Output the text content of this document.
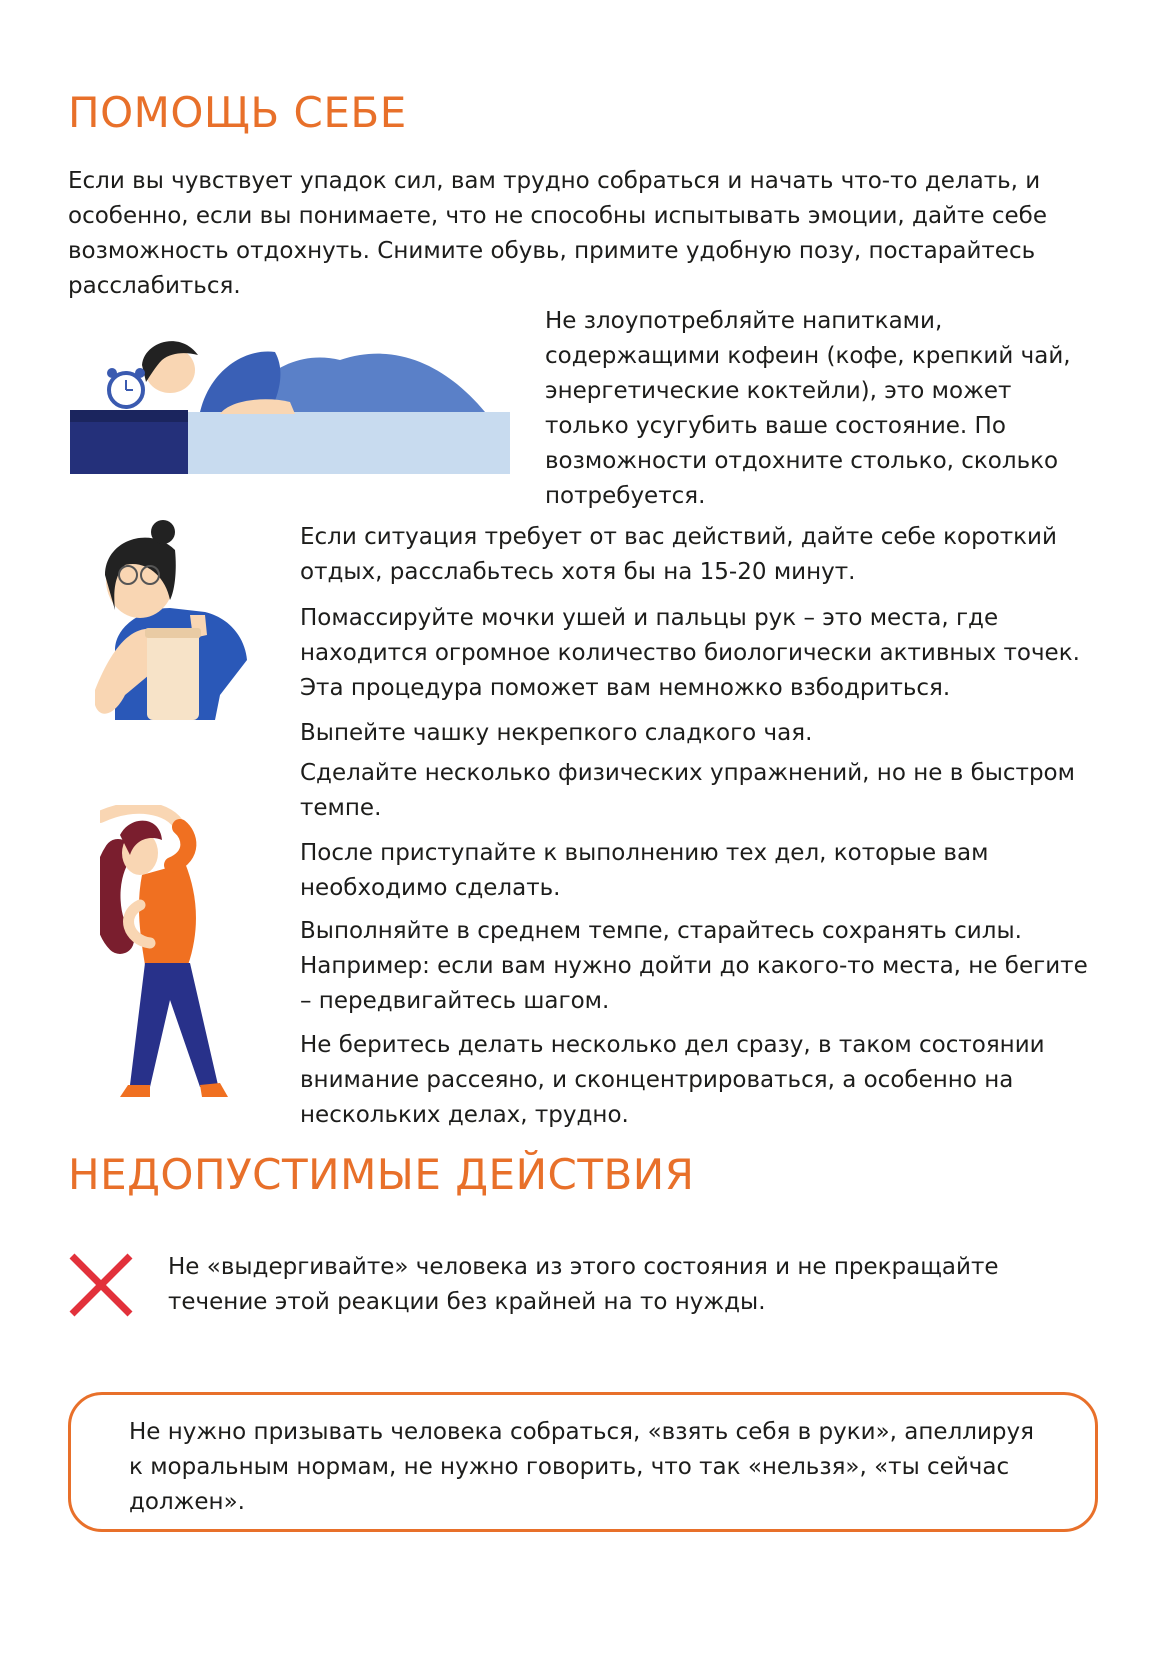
ПОМОЩЬ СЕБЕ

Если вы чувствует упадок сил, вам трудно собраться и начать что-то делать, и особенно, если вы понимаете, что не способны испытывать эмоции, дайте себе возможность отдохнуть. Снимите обувь, примите удобную позу, постарайтесь расслабиться.

Не злоупотребляйте напитками, содержащими кофеин (кофе, крепкий чай, энергетические коктейли), это может только усугубить ваше состояние. По возможности отдохните столько, сколько потребуется.

Если ситуация требует от вас действий, дайте себе короткий отдых, расслабьтесь хотя бы на 15-20 минут.

Помассируйте мочки ушей и пальцы рук – это места, где находится огромное количество биологически активных точек. Эта процедура поможет вам немножко взбодриться.

Выпейте чашку некрепкого сладкого чая.

Сделайте несколько физических упражнений, но не в быстром темпе.

После приступайте к выполнению тех дел, которые вам необходимо сделать.

Выполняйте в среднем темпе, старайтесь сохранять силы. Например: если вам нужно дойти до какого-то места, не бегите – передвигайтесь шагом.

Не беритесь делать несколько дел сразу, в таком состоянии внимание рассеяно, и сконцентрироваться, а особенно на нескольких делах, трудно.

НЕДОПУСТИМЫЕ ДЕЙСТВИЯ

Не «выдергивайте» человека из этого состояния и не прекращайте течение этой реакции без крайней на то нужды.

Не нужно призывать человека собраться, «взять себя в руки», апеллируя к моральным нормам, не нужно говорить, что так «нельзя», «ты сейчас должен».
